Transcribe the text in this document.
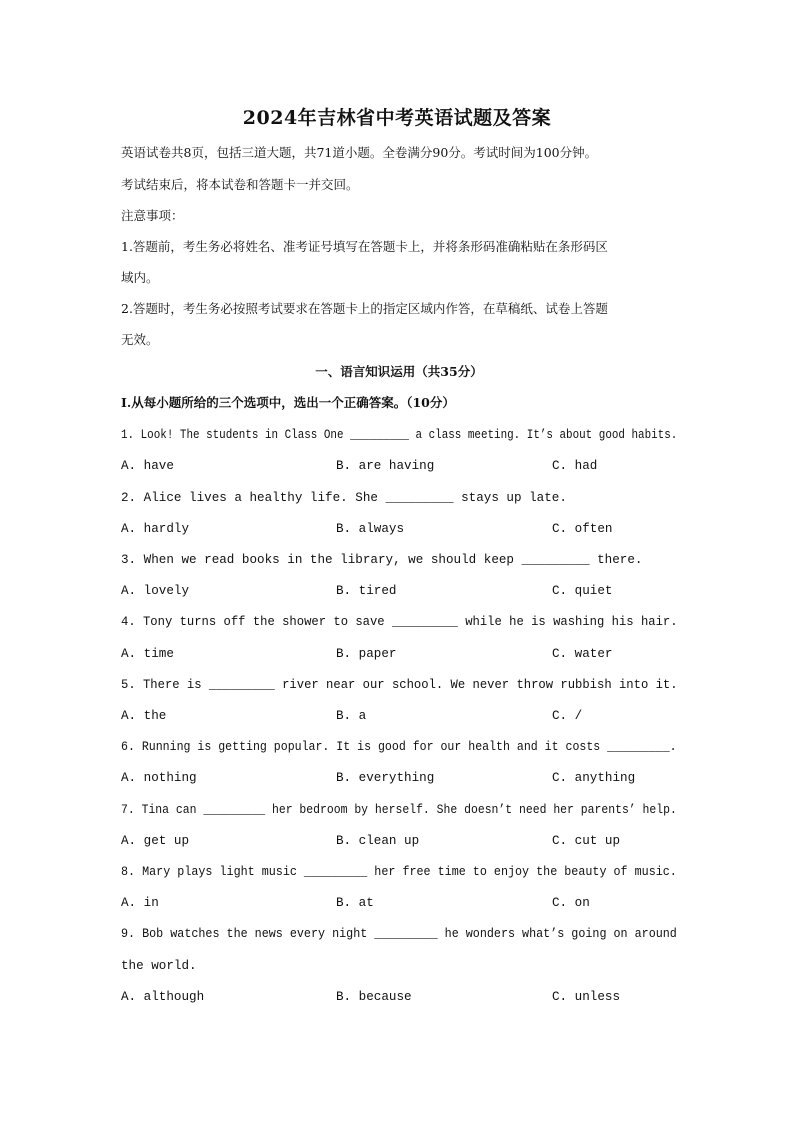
2024年吉林省中考英语试题及答案
英语试卷共8页，包括三道大题，共71道小题。全卷满分90分。考试时间为100分钟。
考试结束后，将本试卷和答题卡一并交回。
注意事项：
1.答题前，考生务必将姓名、准考证号填写在答题卡上，并将条形码准确粘贴在条形码区
域内。
2.答题时，考生务必按照考试要求在答题卡上的指定区域内作答，在草稿纸、试卷上答题
无效。
一、语言知识运用（共35分）
Ⅰ.从每小题所给的三个选项中，选出一个正确答案。（10分）
1. Look! The students in Class One _________ a class meeting. It’s about good habits.
A. have	B. are having	C. had
2. Alice lives a healthy life. She _________ stays up late.
A. hardly	B. always	C. often
3. When we read books in the library, we should keep _________ there.
A. lovely	B. tired	C. quiet
4. Tony turns off the shower to save _________ while he is washing his hair.
A. time	B. paper	C. water
5. There is _________ river near our school. We never throw rubbish into it.
A. the	B. a	C. /
6. Running is getting popular. It is good for our health and it costs _________.
A. nothing	B. everything	C. anything
7. Tina can _________ her bedroom by herself. She doesn’t need her parents’ help.
A. get up	B. clean up	C. cut up
8. Mary plays light music _________ her free time to enjoy the beauty of music.
A. in	B. at	C. on
9. Bob watches the news every night _________ he wonders what’s going on around
the world.
A. although	B. because	C. unless
